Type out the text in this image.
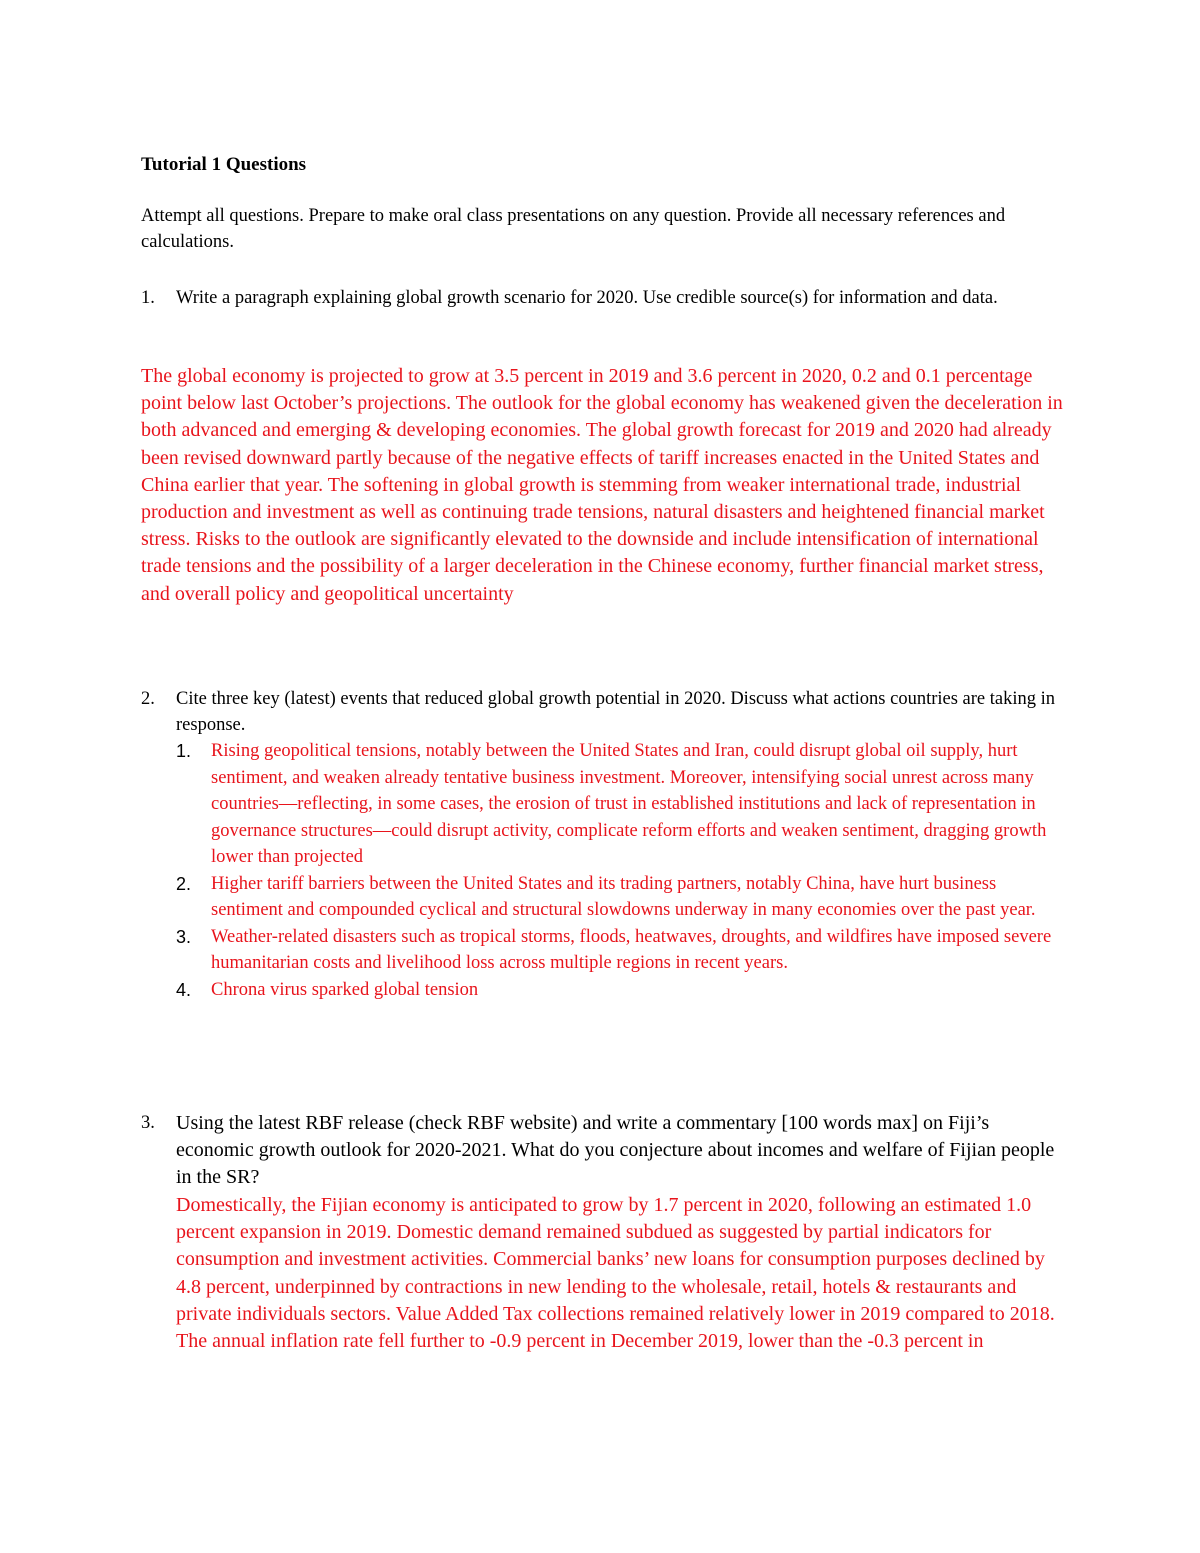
Tutorial 1 Questions

Attempt all questions. Prepare to make oral class presentations on any question. Provide all necessary references and calculations.

1. Write a paragraph explaining global growth scenario for 2020. Use credible source(s) for information and data.

The global economy is projected to grow at 3.5 percent in 2019 and 3.6 percent in 2020, 0.2 and 0.1 percentage point below last October’s projections. The outlook for the global economy has weakened given the deceleration in both advanced and emerging & developing economies. The global growth forecast for 2019 and 2020 had already been revised downward partly because of the negative effects of tariff increases enacted in the United States and China earlier that year. The softening in global growth is stemming from weaker international trade, industrial production and investment as well as continuing trade tensions, natural disasters and heightened financial market stress. Risks to the outlook are significantly elevated to the downside and include intensification of international trade tensions and the possibility of a larger deceleration in the Chinese economy, further financial market stress, and overall policy and geopolitical uncertainty

2. Cite three key (latest) events that reduced global growth potential in 2020. Discuss what actions countries are taking in response.
1. Rising geopolitical tensions, notably between the United States and Iran, could disrupt global oil supply, hurt sentiment, and weaken already tentative business investment. Moreover, intensifying social unrest across many countries—reflecting, in some cases, the erosion of trust in established institutions and lack of representation in governance structures—could disrupt activity, complicate reform efforts and weaken sentiment, dragging growth lower than projected
2. Higher tariff barriers between the United States and its trading partners, notably China, have hurt business sentiment and compounded cyclical and structural slowdowns underway in many economies over the past year.
3. Weather-related disasters such as tropical storms, floods, heatwaves, droughts, and wildfires have imposed severe humanitarian costs and livelihood loss across multiple regions in recent years.
4. Chrona virus sparked global tension
3. Using the latest RBF release (check RBF website) and write a commentary [100 words max] on Fiji’s economic growth outlook for 2020-2021. What do you conjecture about incomes and welfare of Fijian people in the SR?

Domestically, the Fijian economy is anticipated to grow by 1.7 percent in 2020, following an estimated 1.0 percent expansion in 2019. Domestic demand remained subdued as suggested by partial indicators for consumption and investment activities. Commercial banks’ new loans for consumption purposes declined by 4.8 percent, underpinned by contractions in new lending to the wholesale, retail, hotels & restaurants and private individuals sectors. Value Added Tax collections remained relatively lower in 2019 compared to 2018. The annual inflation rate fell further to -0.9 percent in December 2019, lower than the -0.3 percent in
